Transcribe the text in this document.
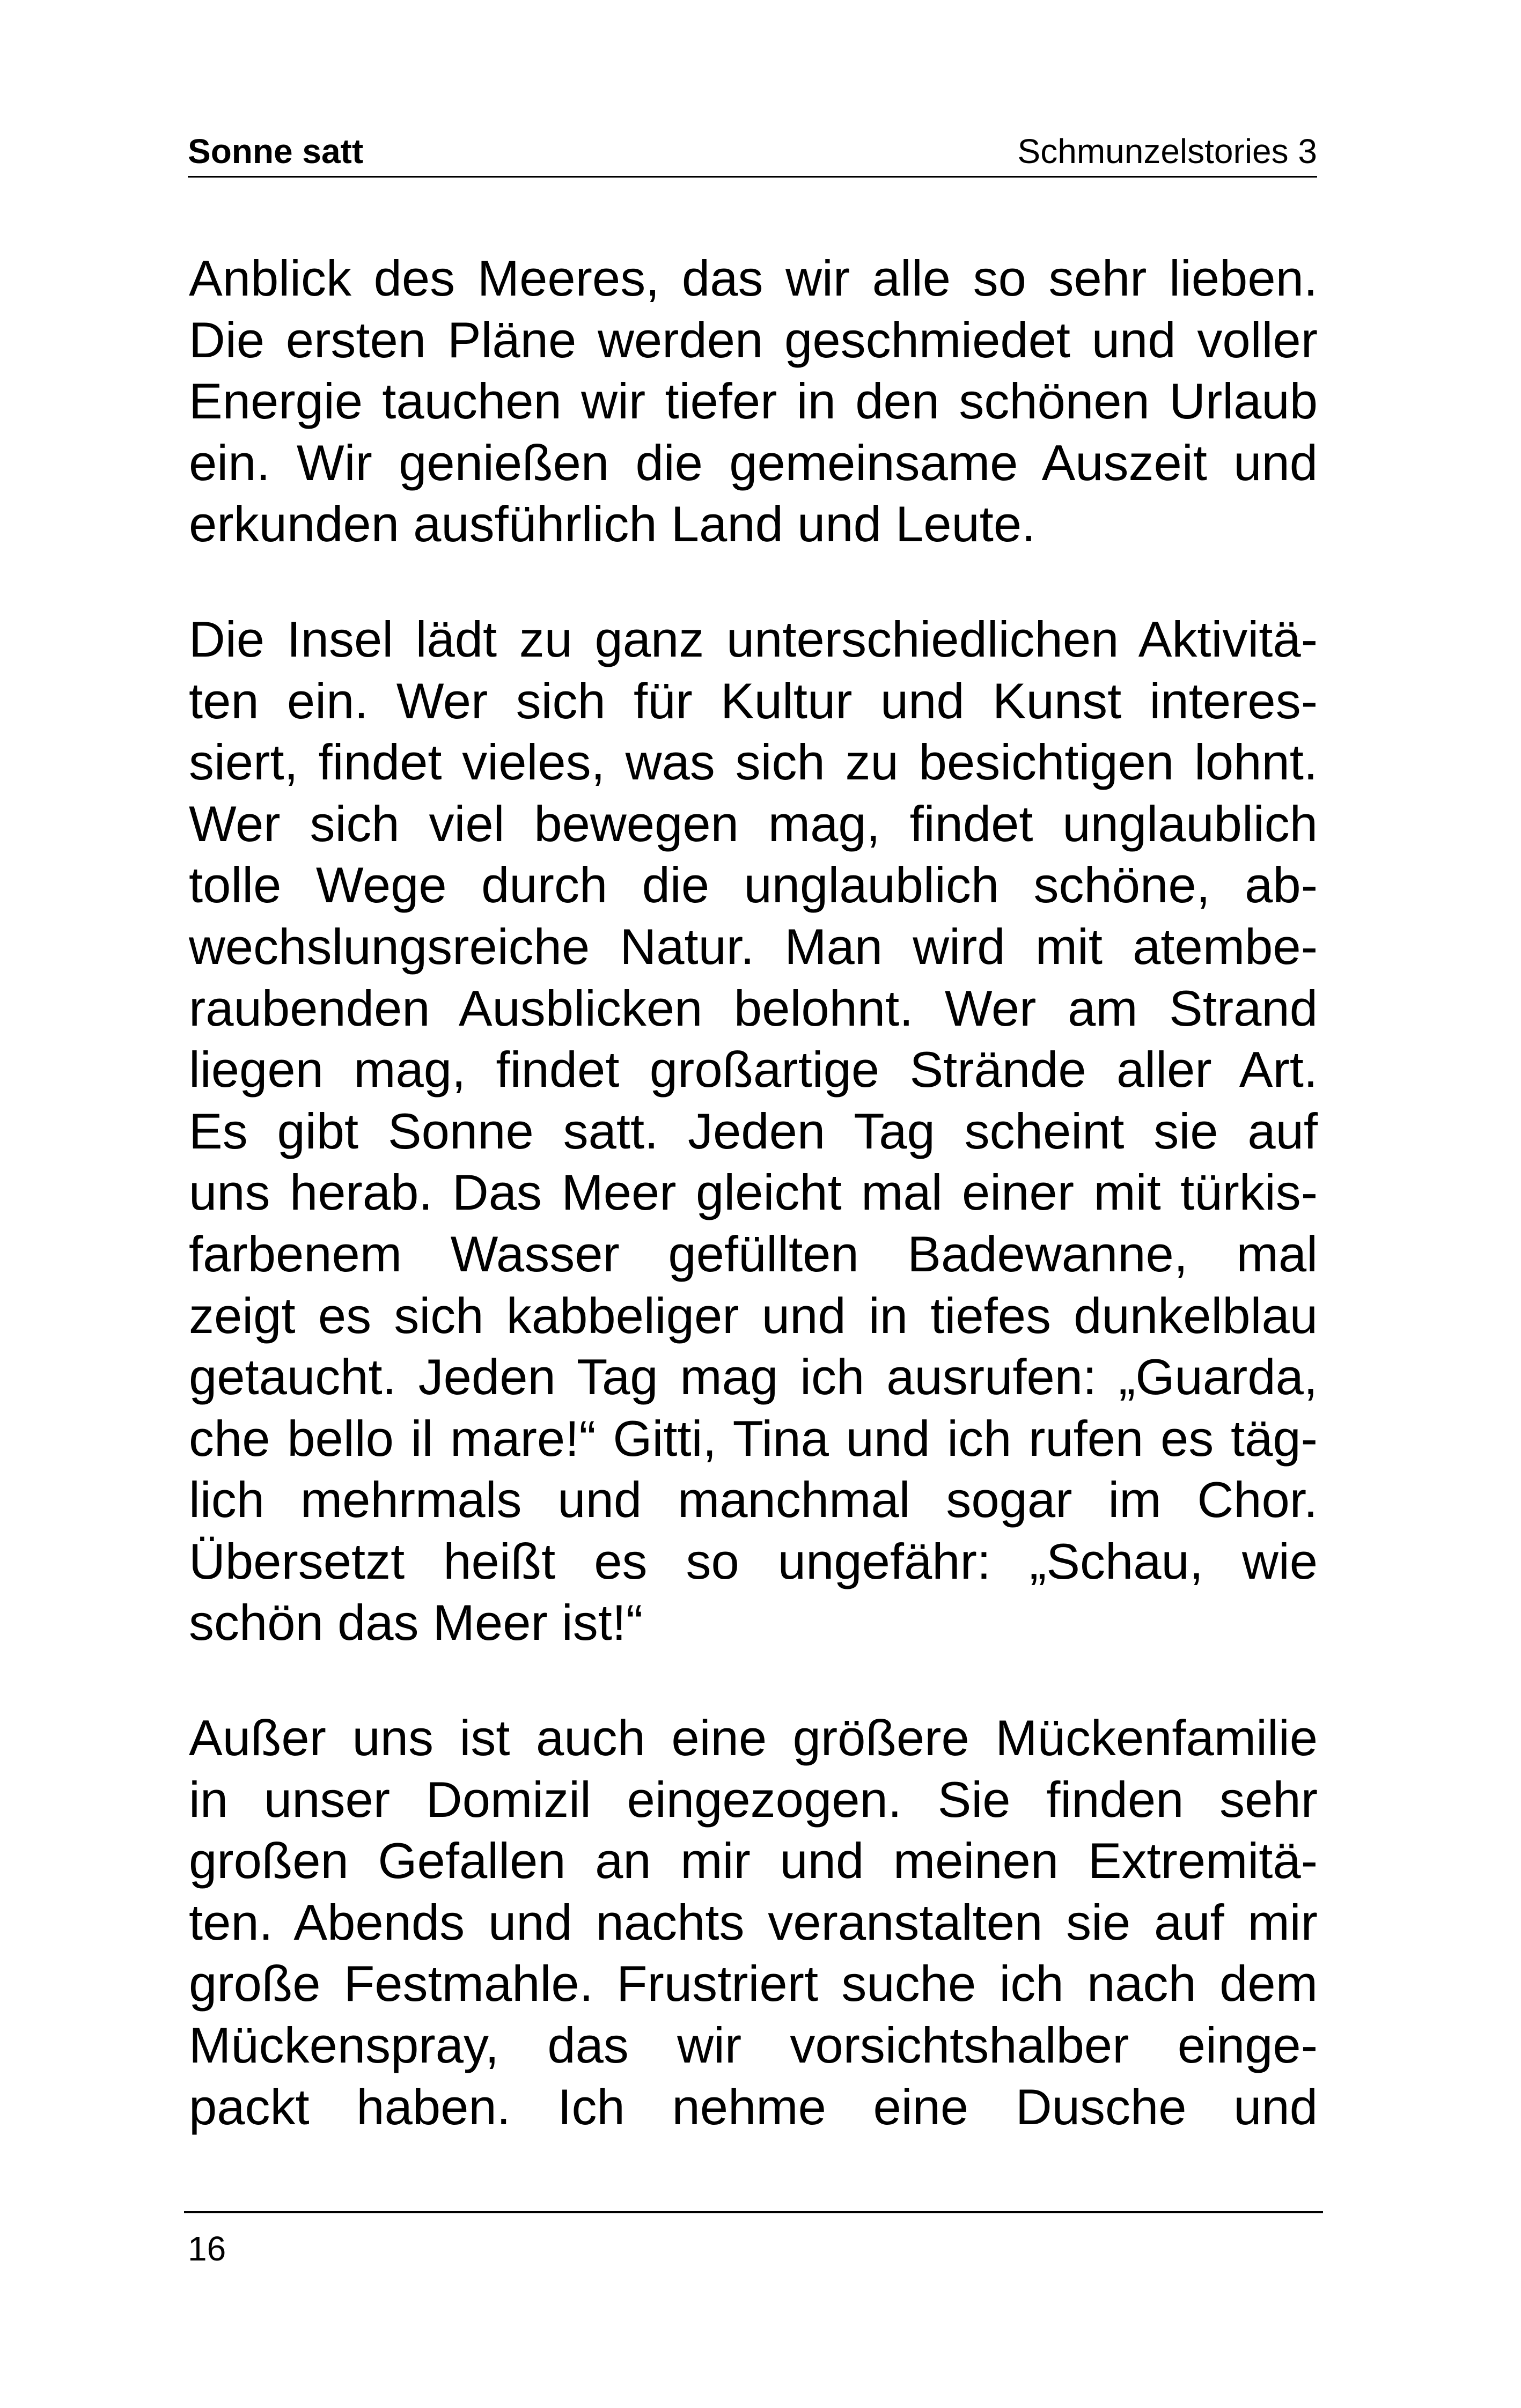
Sonne satt	Schmunzelstories 3
Anblick des Meeres, das wir alle so sehr lieben.
Die ersten Pläne werden geschmiedet und voller
Energie tauchen wir tiefer in den schönen Urlaub
ein. Wir genießen die gemeinsame Auszeit und
erkunden ausführlich Land und Leute.
Die Insel lädt zu ganz unterschiedlichen Aktivitä-
ten ein. Wer sich für Kultur und Kunst interes-
siert, findet vieles, was sich zu besichtigen lohnt.
Wer sich viel bewegen mag, findet unglaublich
tolle Wege durch die unglaublich schöne, ab-
wechslungsreiche Natur. Man wird mit atembe-
raubenden Ausblicken belohnt. Wer am Strand
liegen mag, findet großartige Strände aller Art.
Es gibt Sonne satt. Jeden Tag scheint sie auf
uns herab. Das Meer gleicht mal einer mit türkis-
farbenem Wasser gefüllten Badewanne, mal
zeigt es sich kabbeliger und in tiefes dunkelblau
getaucht. Jeden Tag mag ich ausrufen: „Guarda,
che bello il mare!“ Gitti, Tina und ich rufen es täg-
lich mehrmals und manchmal sogar im Chor.
Übersetzt heißt es so ungefähr: „Schau, wie
schön das Meer ist!“
Außer uns ist auch eine größere Mückenfamilie
in unser Domizil eingezogen. Sie finden sehr
großen Gefallen an mir und meinen Extremitä-
ten. Abends und nachts veranstalten sie auf mir
große Festmahle. Frustriert suche ich nach dem
Mückenspray, das wir vorsichtshalber einge-
packt haben. Ich nehme eine Dusche und
16
